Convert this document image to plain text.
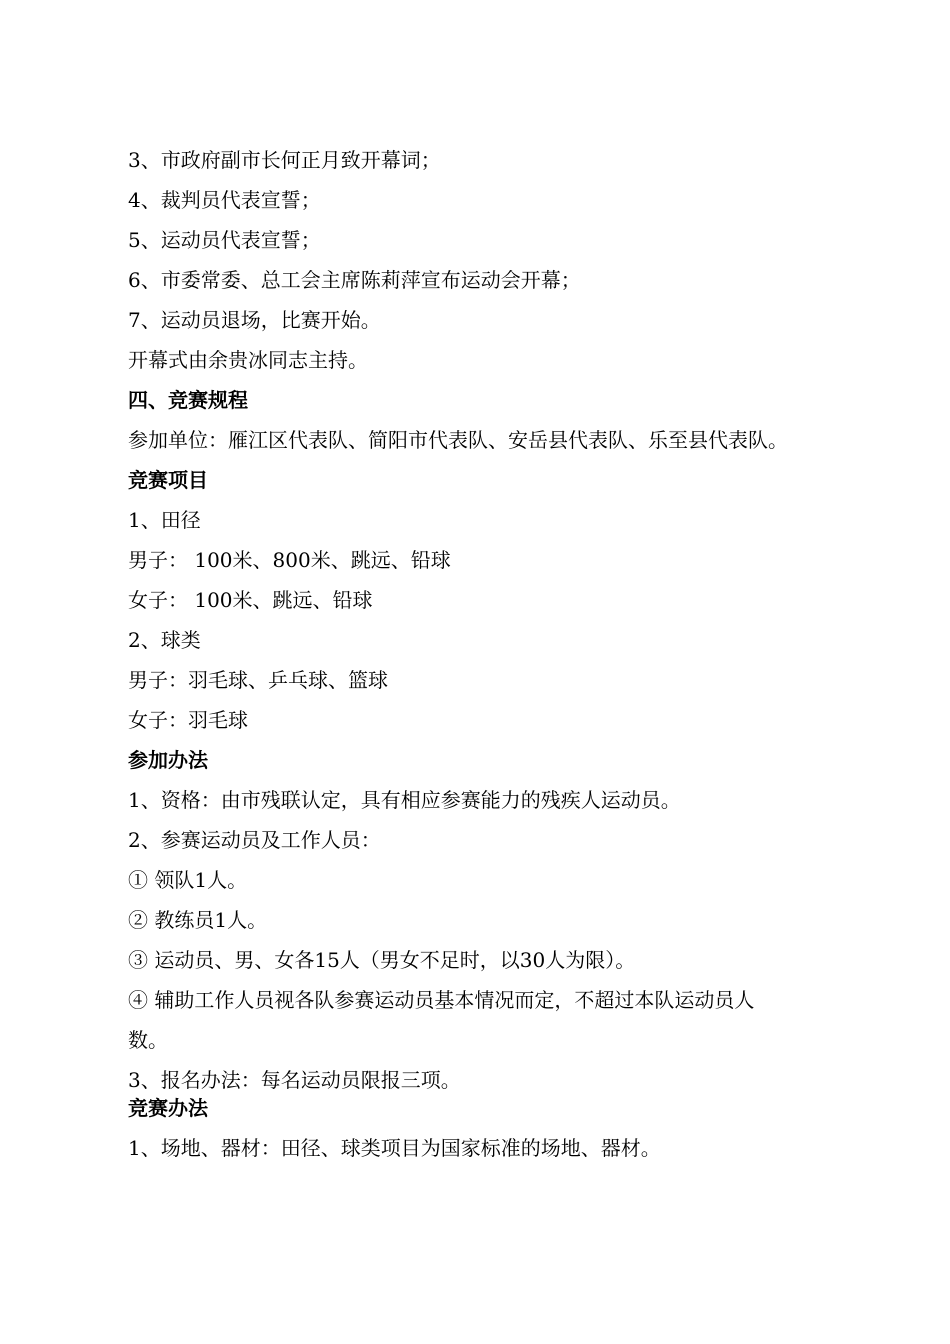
3、市政府副市长何正月致开幕词；
4、裁判员代表宣誓；
5、运动员代表宣誓；
6、市委常委、总工会主席陈莉萍宣布运动会开幕；
7、运动员退场，比赛开始。
开幕式由余贵冰同志主持。
四、竞赛规程
参加单位：雁江区代表队、简阳市代表队、安岳县代表队、乐至县代表队。
竞赛项目
1、田径
男子： 100米、800米、跳远、铅球
女子： 100米、跳远、铅球
2、球类
男子：羽毛球、乒乓球、篮球
女子：羽毛球
参加办法
1、资格：由市残联认定，具有相应参赛能力的残疾人运动员。
2、参赛运动员及工作人员：
① 领队1人。
② 教练员1人。
③ 运动员、男、女各15人（男女不足时，以30人为限）。
④ 辅助工作人员视各队参赛运动员基本情况而定，不超过本队运动员人
数。
3、报名办法：每名运动员限报三项。
竞赛办法
1、场地、器材：田径、球类项目为国家标准的场地、器材。
